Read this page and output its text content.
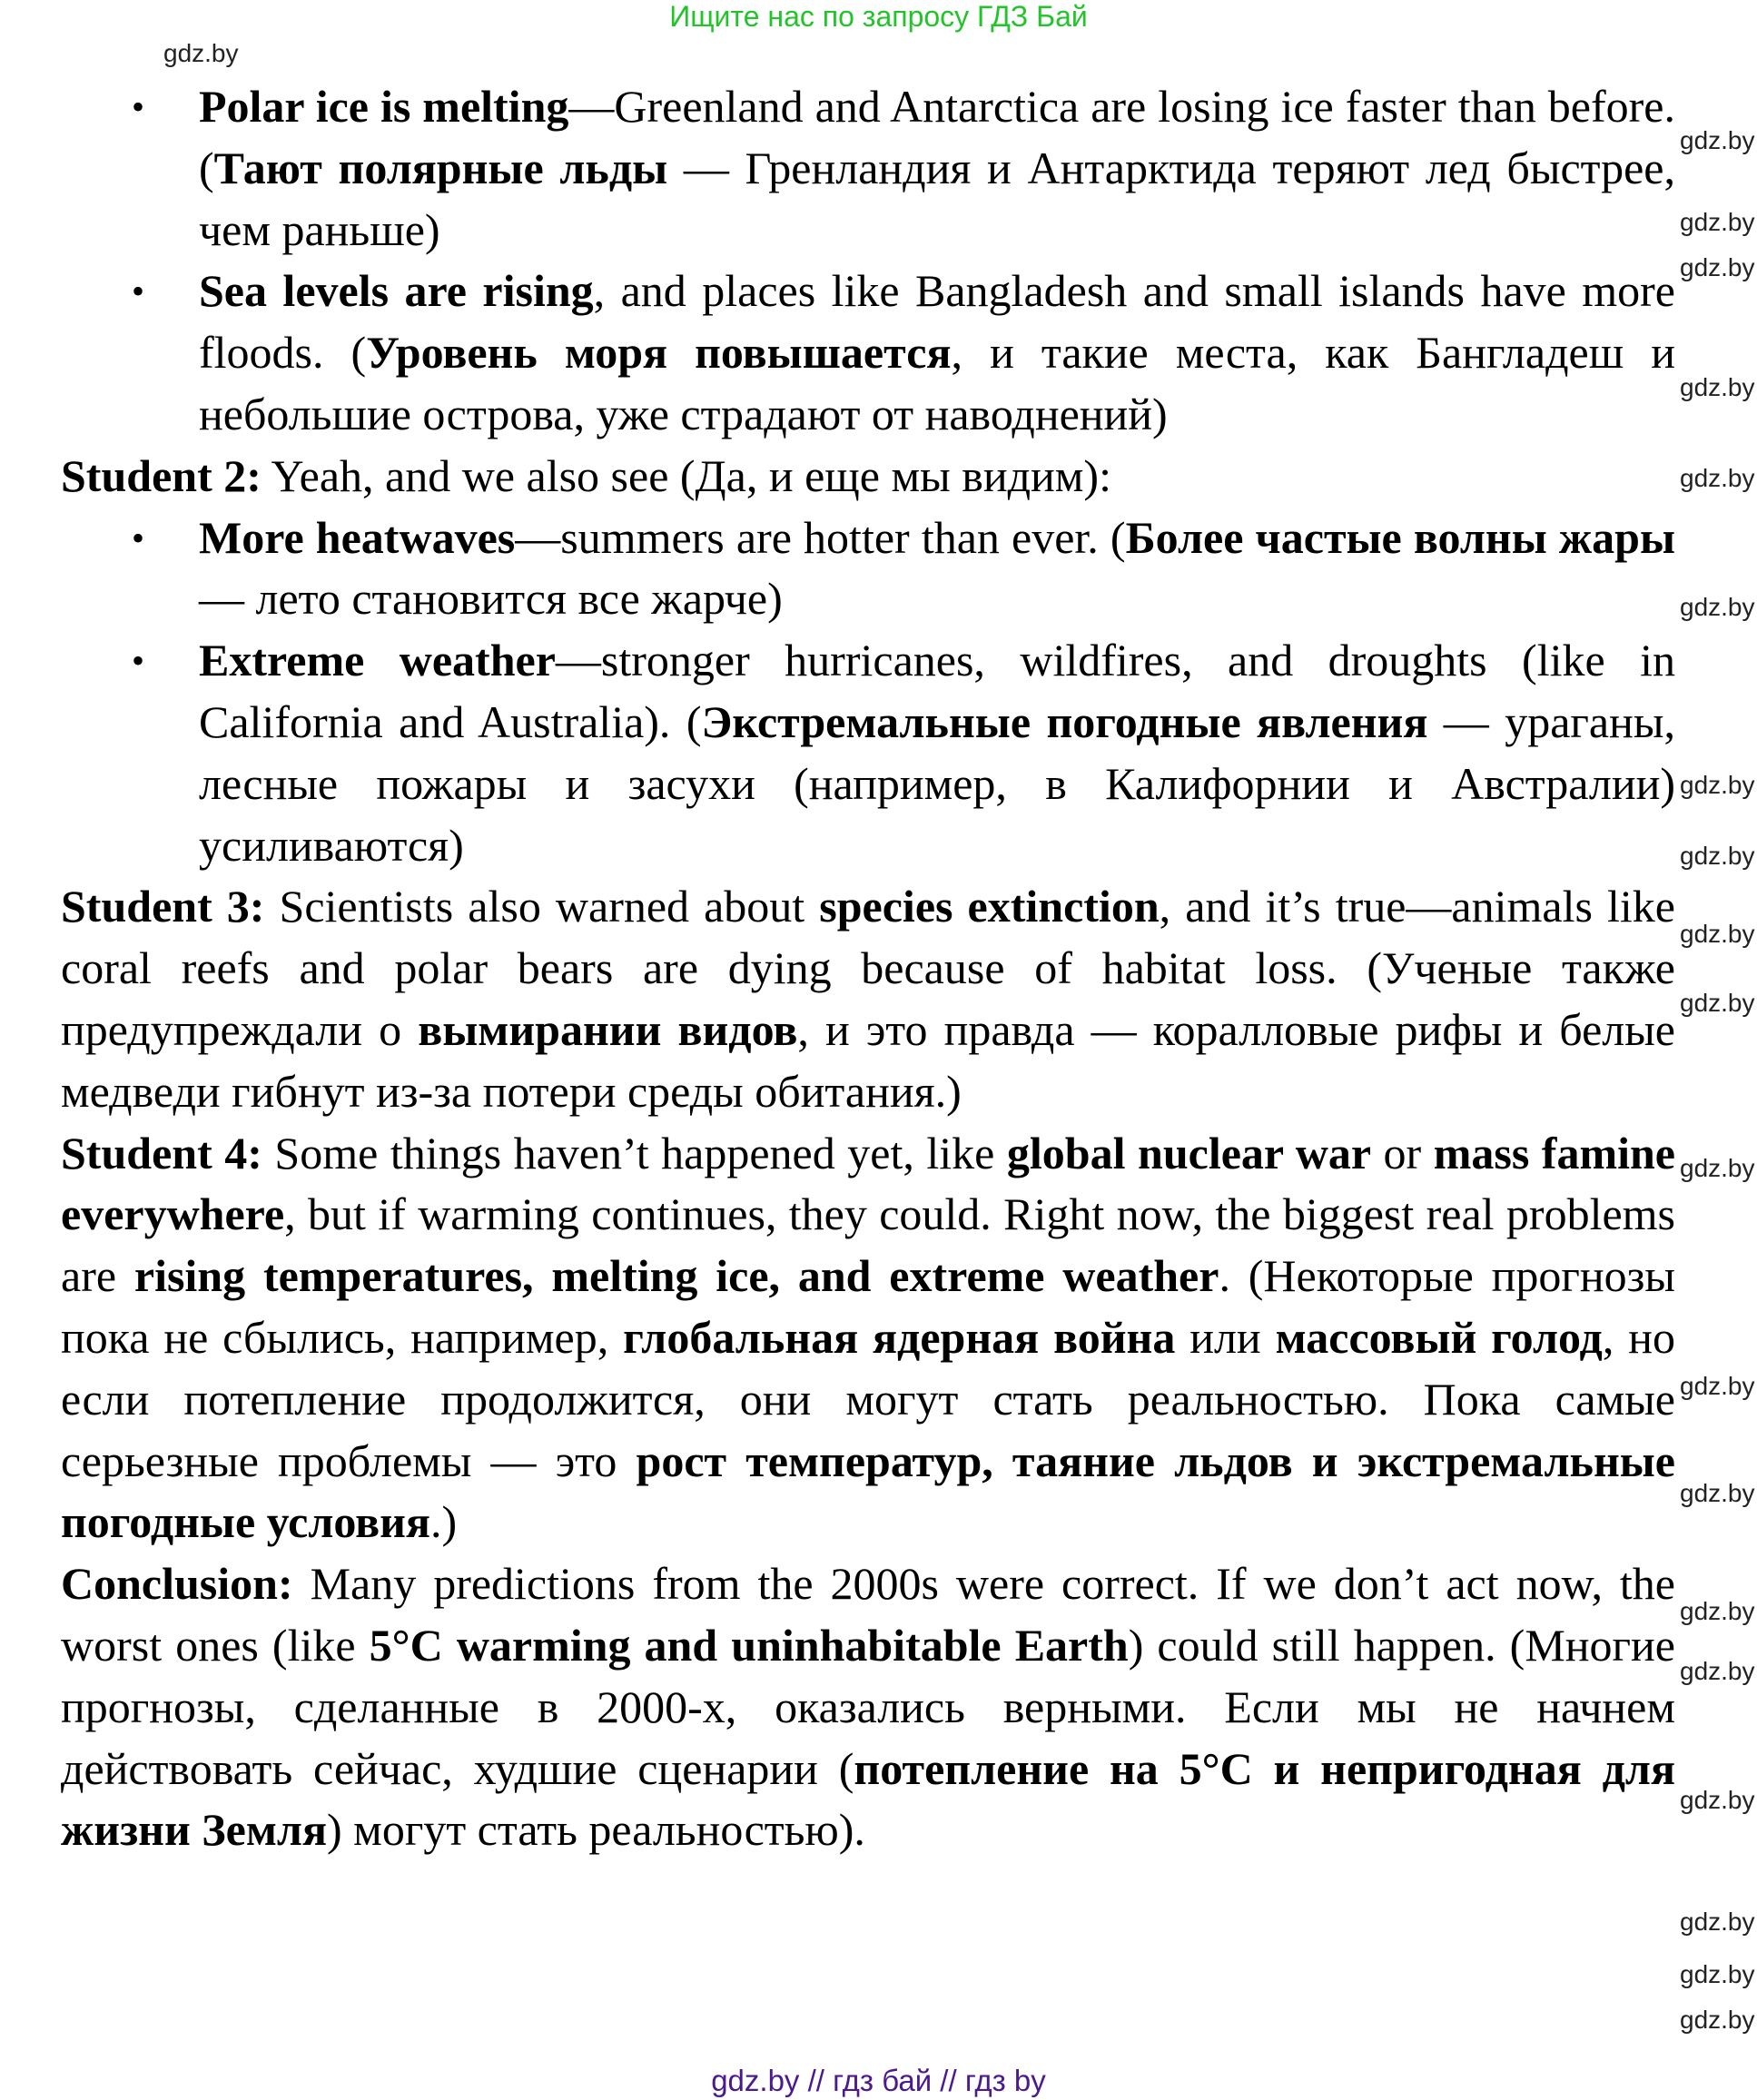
Ищите нас по запросу ГДЗ Бай

• Polar ice is melting—Greenland and Antarctica are losing ice faster than before. (Тают полярные льды — Гренландия и Антарктида теряют лед быстрее, чем раньше)

• Sea levels are rising, and places like Bangladesh and small islands have more floods. (Уровень моря повышается, и такие места, как Бангладеш и небольшие острова, уже страдают от наводнений)

Student 2: Yeah, and we also see (Да, и еще мы видим):

• More heatwaves—summers are hotter than ever. (Более частые волны жары — лето становится все жарче)

• Extreme weather—stronger hurricanes, wildfires, and droughts (like in California and Australia). (Экстремальные погодные явления — ураганы, лесные пожары и засухи (например, в Калифорнии и Австралии) усиливаются)

Student 3: Scientists also warned about species extinction, and it’s true—animals like coral reefs and polar bears are dying because of habitat loss. (Ученые также предупреждали о вымирании видов, и это правда — коралловые рифы и белые медведи гибнут из-за потери среды обитания.)

Student 4: Some things haven’t happened yet, like global nuclear war or mass famine everywhere, but if warming continues, they could. Right now, the biggest real problems are rising temperatures, melting ice, and extreme weather. (Некоторые прогнозы пока не сбылись, например, глобальная ядерная война или массовый голод, но если потепление продолжится, они могут стать реальностью. Пока самые серьезные проблемы — это рост температур, таяние льдов и экстремальные погодные условия.)

Conclusion: Many predictions from the 2000s were correct. If we don’t act now, the worst ones (like 5°C warming and uninhabitable Earth) could still happen. (Многие прогнозы, сделанные в 2000-х, оказались верными. Если мы не начнем действовать сейчас, худшие сценарии (потепление на 5°C и непригодная для жизни Земля) могут стать реальностью).

gdz.by
gdz.by
gdz.by
gdz.by
gdz.by
gdz.by
gdz.by
gdz.by
gdz.by
gdz.by
gdz.by
gdz.by
gdz.by
gdz.by
gdz.by
gdz.by
gdz.by
gdz.by
gdz.by
gdz.by
gdz.by // гдз бай // гдз by
